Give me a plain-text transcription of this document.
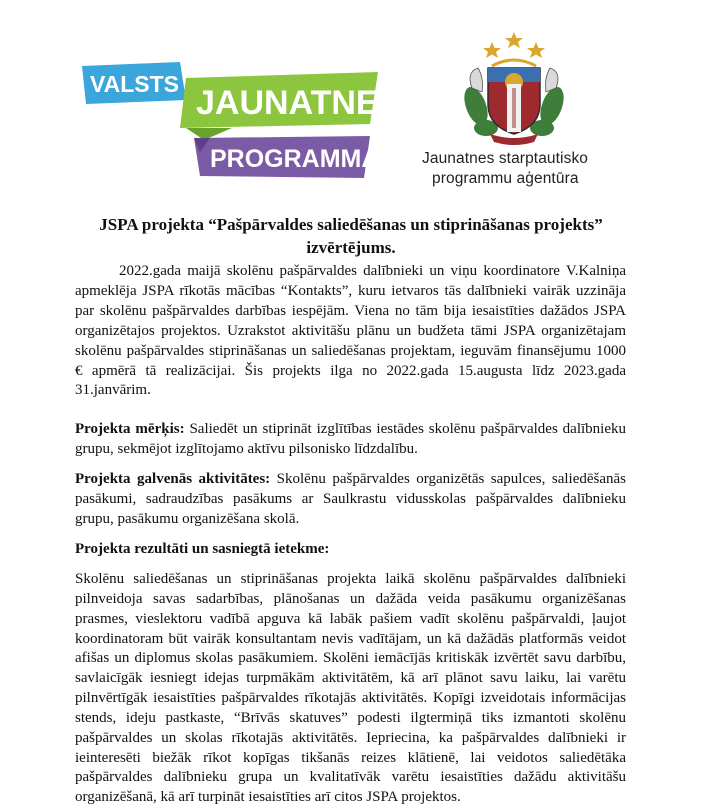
VALSTS JAUNATNES
PROGRAMMA	Jaunatnes starptautisko
programmu aģentūra
JSPA projekta “Pašpārvaldes saliedēšanas un stiprināšanas projekts” izvērtējums.

2022.gada maijā skolēnu pašpārvaldes dalībnieki un viņu koordinatore V.Kalniņa apmeklēja JSPA rīkotās mācības “Kontakts”, kuru ietvaros tās dalībnieki vairāk uzzināja par skolēnu pašpārvaldes darbības iespējām. Viena no tām bija iesaistīties dažādos JSPA organizētajos projektos. Uzrakstot aktivitāšu plānu un budžeta tāmi JSPA organizētajam skolēnu pašpārvaldes stiprināšanas un saliedēšanas projektam, ieguvām finansējumu 1000 € apmērā tā realizācijai. Šis projekts ilga no 2022.gada 15.augusta līdz 2023.gada 31.janvārim.

Projekta mērķis: Saliedēt un stiprināt izglītības iestādes skolēnu pašpārvaldes dalībnieku grupu, sekmējot izglītojamo aktīvu pilsonisko līdzdalību.

Projekta galvenās aktivitātes: Skolēnu pašpārvaldes organizētās sapulces, saliedēšanās pasākumi, sadraudzības pasākums ar Saulkrastu vidusskolas pašpārvaldes dalībnieku grupu, pasākumu organizēšana skolā.

Projekta rezultāti un sasniegtā ietekme:

Skolēnu saliedēšanas un stiprināšanas projekta laikā skolēnu pašpārvaldes dalībnieki pilnveidoja savas sadarbības, plānošanas un dažāda veida pasākumu organizēšanas prasmes, vieslektoru vadībā apguva kā labāk pašiem vadīt skolēnu pašpārvaldi, ļaujot koordinatoram būt vairāk konsultantam nevis vadītājam, un kā dažādās platformās veidot afišas un diplomus skolas pasākumiem. Skolēni iemācījās kritiskāk izvērtēt savu darbību, savlaicīgāk iesniegt idejas turpmākām aktivitātēm, kā arī plānot savu laiku, lai varētu pilnvērtīgāk iesaistīties pašpārvaldes rīkotajās aktivitātēs. Kopīgi izveidotais informācijas stends, ideju pastkaste, “Brīvās skatuves” podesti ilgtermiņā tiks izmantoti skolēnu pašpārvaldes un skolas rīkotajās aktivitātēs. Iepriecina, ka pašpārvaldes dalībnieki ir ieinteresēti biežāk rīkot kopīgas tikšanās reizes klātienē, lai veidotos saliedētāka pašpārvaldes dalībnieku grupa un kvalitatīvāk varētu iesaistīties dažādu aktivitāšu organizēšanā, kā arī turpināt iesaistīties arī citos JSPA projektos.
